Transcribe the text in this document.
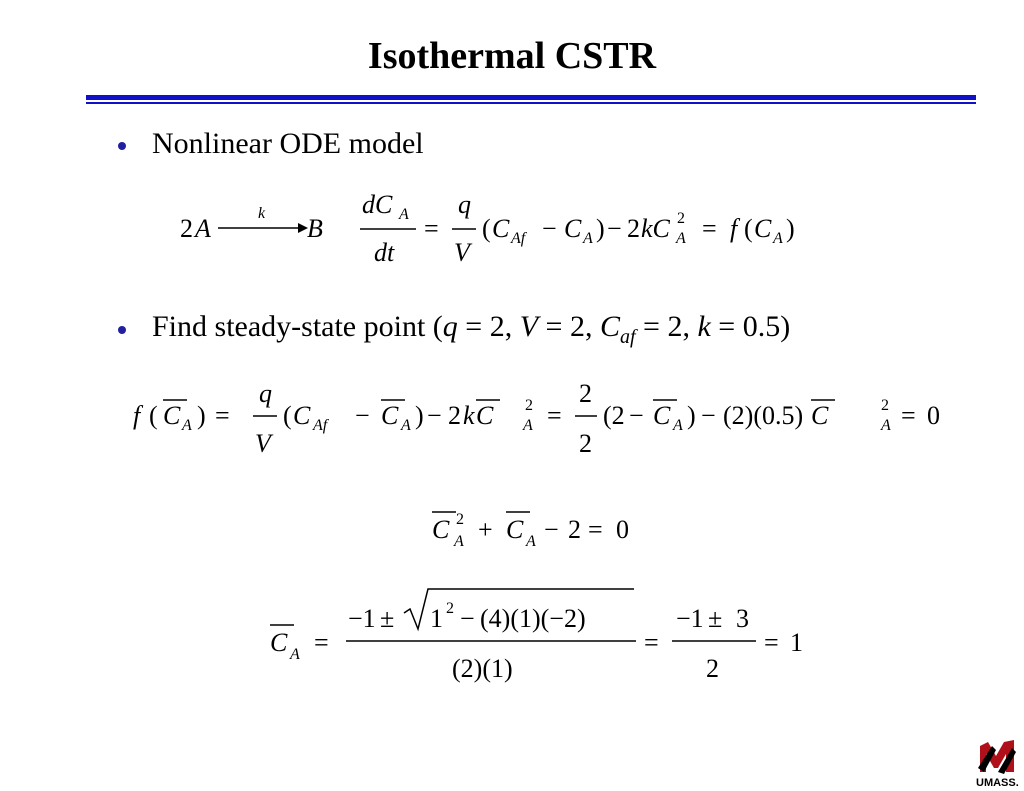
Isothermal CSTR
Nonlinear ODE model
2 A
k
B
dC A
dt
=
q
V
( C Af − C A ) − 2 kC 2
A = f ( C A )
Find steady-state point (q = 2, V = 2, $C_{af} = 2$, k = 0.5)
f ( C A ) =
q
V
( C Af − C A ) − 2 k C 2
A =
2
2
(2 − C A ) − (2)(0.5) C	2
A = 0
C 2
A + C A − 2 = 0
C A =
−1 ± 1 2 − (4)(1)(−2)
(2)(1)
=
−1 ± 3
2
= 1
UMASS.
